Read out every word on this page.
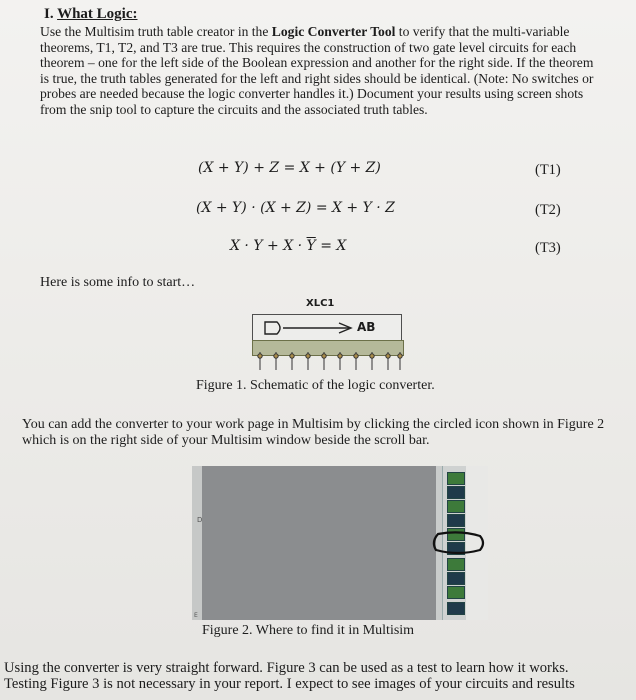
I. What Logic:
Use the Multisim truth table creator in the Logic Converter Tool to verify that the multi-variable theorems, T1, T2, and T3 are true. This requires the construction of two gate level circuits for each theorem – one for the left side of the Boolean expression and another for the right side. If the theorem is true, the truth tables generated for the left and right sides should be identical. (Note: No switches or probes are needed because the logic converter handles it.) Document your results using screen shots from the snip tool to capture the circuits and the associated truth tables.
(X + Y) + Z = X + (Y + Z)	(T1)
(X + Y) · (X + Z) = X + Y · Z	(T2)
$X \cdot Y + X \cdot \overline{Y} = X$	(T3)
Here is some info to start…
XLC1
AB
Figure 1. Schematic of the logic converter.
You can add the converter to your work page in Multisim by clicking the circled icon shown in Figure 2 which is on the right side of your Multisim window beside the scroll bar.
D
E
Figure 2. Where to find it in Multisim
Using the converter is very straight forward. Figure 3 can be used as a test to learn how it works.
Testing Figure 3 is not necessary in your report. I expect to see images of your circuits and results
